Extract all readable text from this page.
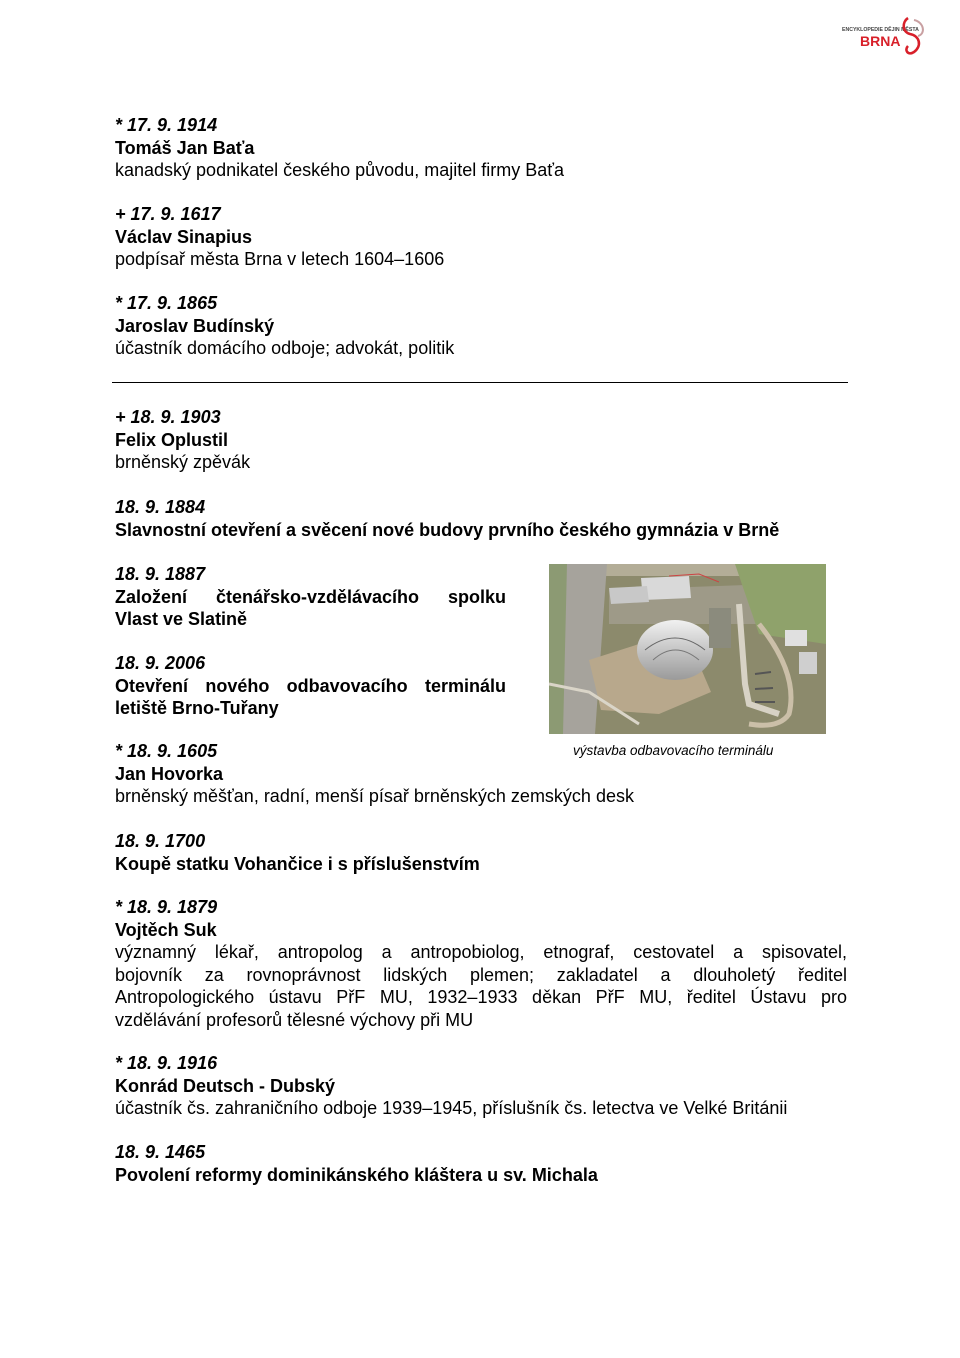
ENCYKLOPEDIE DĚJIN MĚSTA
BRNA
* 17. 9. 1914
Tomáš Jan Baťa
kanadský podnikatel českého původu, majitel firmy Baťa
+ 17. 9. 1617
Václav Sinapius
podpísař města Brna v letech 1604–1606
* 17. 9. 1865
Jaroslav Budínský
účastník domácího odboje; advokát, politik
+ 18. 9. 1903
Felix Oplustil
brněnský zpěvák
18. 9. 1884
Slavnostní otevření a svěcení nové budovy prvního českého gymnázia v Brně
18. 9. 1887
Založení čtenářsko-vzdělávacího spolku
Vlast ve Slatině
18. 9. 2006
Otevření nového odbavovacího terminálu
letiště Brno-Tuřany
výstavba odbavovacího terminálu
* 18. 9. 1605
Jan Hovorka
brněnský měšťan, radní, menší písař brněnských zemských desk
18. 9. 1700
Koupě statku Vohančice i s příslušenstvím
* 18. 9. 1879
Vojtěch Suk
významný lékař, antropolog a antropobiolog, etnograf, cestovatel a spisovatel,
bojovník za rovnoprávnost lidských plemen; zakladatel a dlouholetý ředitel
Antropologického ústavu PřF MU, 1932–1933 děkan PřF MU, ředitel Ústavu pro
vzdělávání profesorů tělesné výchovy při MU
* 18. 9. 1916
Konrád Deutsch - Dubský
účastník čs. zahraničního odboje 1939–1945, příslušník čs. letectva ve Velké Británii
18. 9. 1465
Povolení reformy dominikánského kláštera u sv. Michala
